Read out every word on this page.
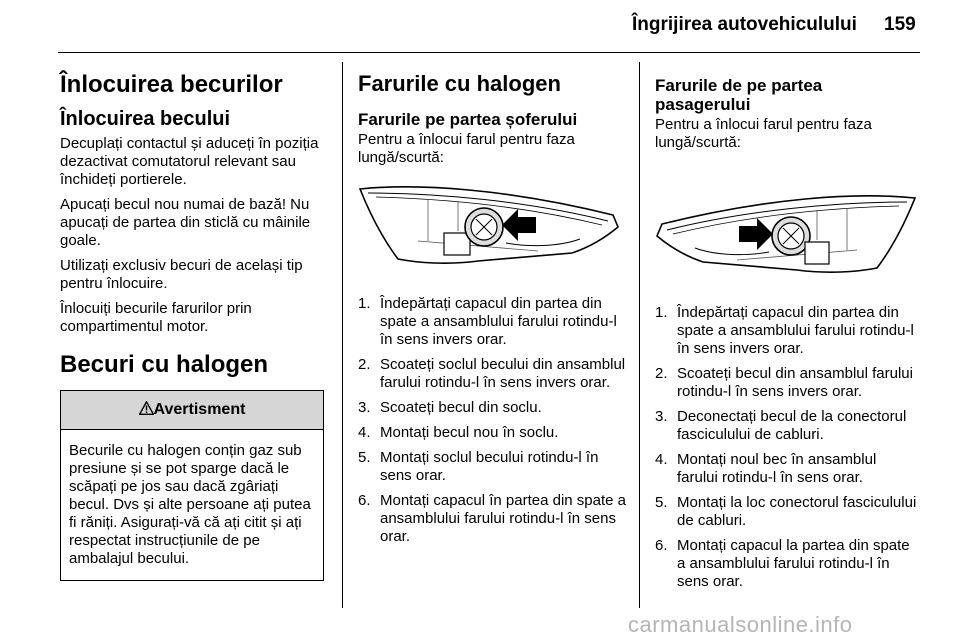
Îngrijirea autovehiculului 159
Înlocuirea becurilor
Înlocuirea becului

Decuplați contactul și aduceți în poziția dezactivat comutatorul relevant sau închideți portierele.

Apucați becul nou numai de bază! Nu apucați de partea din sticlă cu mâinile goale.

Utilizați exclusiv becuri de același tip pentru înlocuire.

Înlocuiți becurile farurilor prin compartimentul motor.

Becuri cu halogen
Avertisment
Becurile cu halogen conțin gaz sub presiune și se pot sparge dacă le scăpați pe jos sau dacă zgâriați becul. Dvs și alte persoane ați putea fi răniți. Asigurați-vă că ați citit și ați respectat instrucțiunile de pe ambalajul becului.
Farurile cu halogen
Farurile pe partea șoferului

Pentru a înlocui farul pentru faza lungă/scurtă:

1. Îndepărtați capacul din partea din spate a ansamblului farului rotindu-l în sens invers orar.
2. Scoateți soclul becului din ansamblul farului rotindu-l în sens invers orar.
3. Scoateți becul din soclu.
4. Montați becul nou în soclu.
5. Montați soclul becului rotindu-l în sens orar.
6. Montați capacul în partea din spate a ansamblului farului rotindu-l în sens orar.
Farurile de pe partea pasagerului

Pentru a înlocui farul pentru faza lungă/scurtă:

1. Îndepărtați capacul din partea din spate a ansamblului farului rotindu-l în sens invers orar.
2. Scoateți becul din ansamblul farului rotindu-l în sens invers orar.
3. Deconectați becul de la conectorul fasciculului de cabluri.
4. Montați noul bec în ansamblul farului rotindu-l în sens orar.
5. Montați la loc conectorul fasciculului de cabluri.
6. Montați capacul la partea din spate a ansamblului farului rotindu-l în sens orar.
carmanualsonline.info
